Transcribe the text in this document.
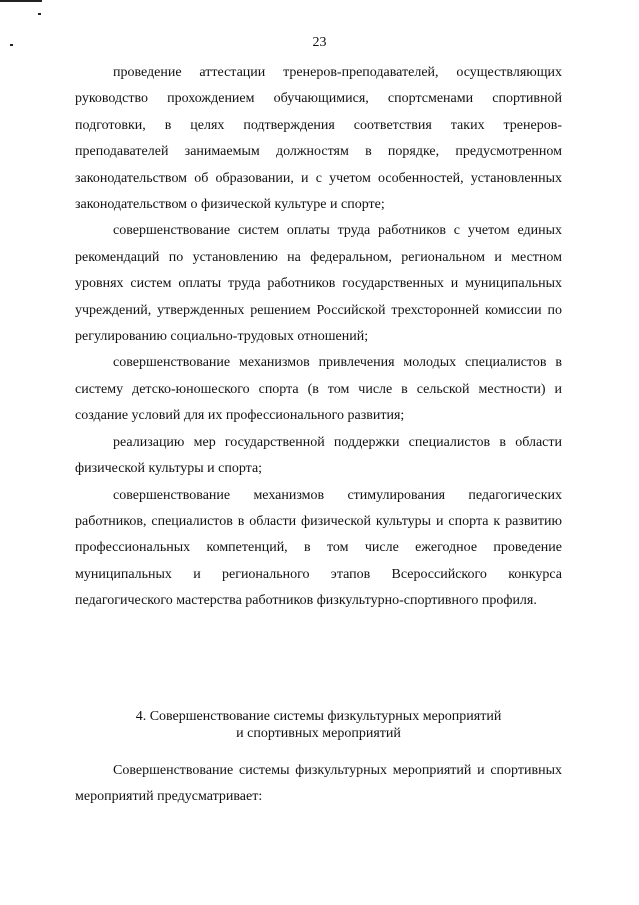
23

проведение аттестации тренеров-преподавателей, осуществляющих руководство прохождением обучающимися, спортсменами спортивной подготовки, в целях подтверждения соответствия таких тренеров-преподавателей занимаемым должностям в порядке, предусмотренном законодательством об образовании, и с учетом особенностей, установленных законодательством о физической культуре и спорте;

совершенствование систем оплаты труда работников с учетом единых рекомендаций по установлению на федеральном, региональном и местном уровнях систем оплаты труда работников государственных и муниципальных учреждений, утвержденных решением Российской трехсторонней комиссии по регулированию социально-трудовых отношений;

совершенствование механизмов привлечения молодых специалистов в систему детско-юношеского спорта (в том числе в сельской местности) и создание условий для их профессионального развития;

реализацию мер государственной поддержки специалистов в области физической культуры и спорта;

совершенствование механизмов стимулирования педагогических работников, специалистов в области физической культуры и спорта к развитию профессиональных компетенций, в том числе ежегодное проведение муниципальных и регионального этапов Всероссийского конкурса педагогического мастерства работников физкультурно-спортивного профиля.

4. Совершенствование системы физкультурных мероприятий
и спортивных мероприятий

Совершенствование системы физкультурных мероприятий и спортивных мероприятий предусматривает:
